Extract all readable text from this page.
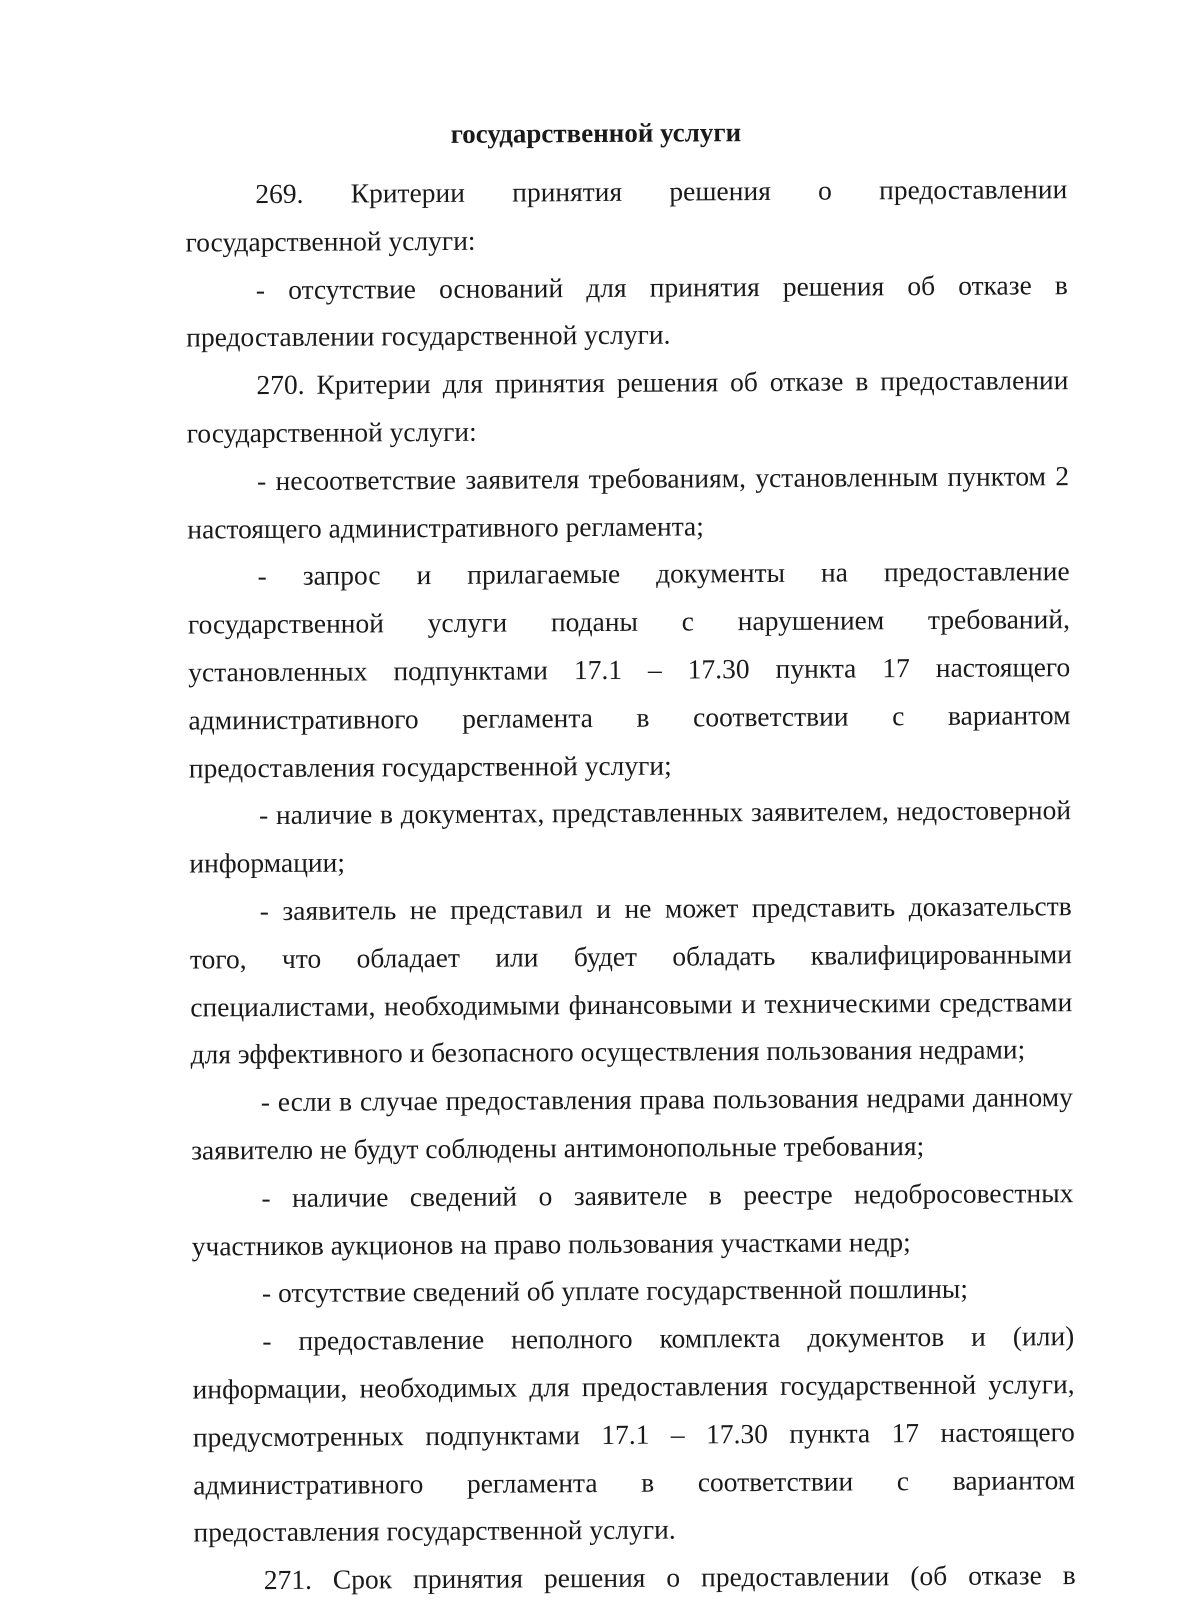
государственной услуги

269. Критерии принятия решения о предоставлении государственной услуги:

- отсутствие оснований для принятия решения об отказе в предоставлении государственной услуги.

270. Критерии для принятия решения об отказе в предоставлении государственной услуги:

- несоответствие заявителя требованиям, установленным пунктом 2 настоящего административного регламента;

- запрос и прилагаемые документы на предоставление государственной услуги поданы с нарушением требований, установленных подпунктами 17.1 – 17.30 пункта 17 настоящего административного регламента в соответствии с вариантом предоставления государственной услуги;

- наличие в документах, представленных заявителем, недостоверной информации;

- заявитель не представил и не может представить доказательств того, что обладает или будет обладать квалифицированными специалистами, необходимыми финансовыми и техническими средствами для эффективного и безопасного осуществления пользования недрами;

- если в случае предоставления права пользования недрами данному заявителю не будут соблюдены антимонопольные требования;

- наличие сведений о заявителе в реестре недобросовестных участников аукционов на право пользования участками недр;

- отсутствие сведений об уплате государственной пошлины;

- предоставление неполного комплекта документов и (или) информации, необходимых для предоставления государственной услуги, предусмотренных подпунктами 17.1 – 17.30 пункта 17 настоящего административного регламента в соответствии с вариантом предоставления государственной услуги.

271. Срок принятия решения о предоставлении (об отказе в
